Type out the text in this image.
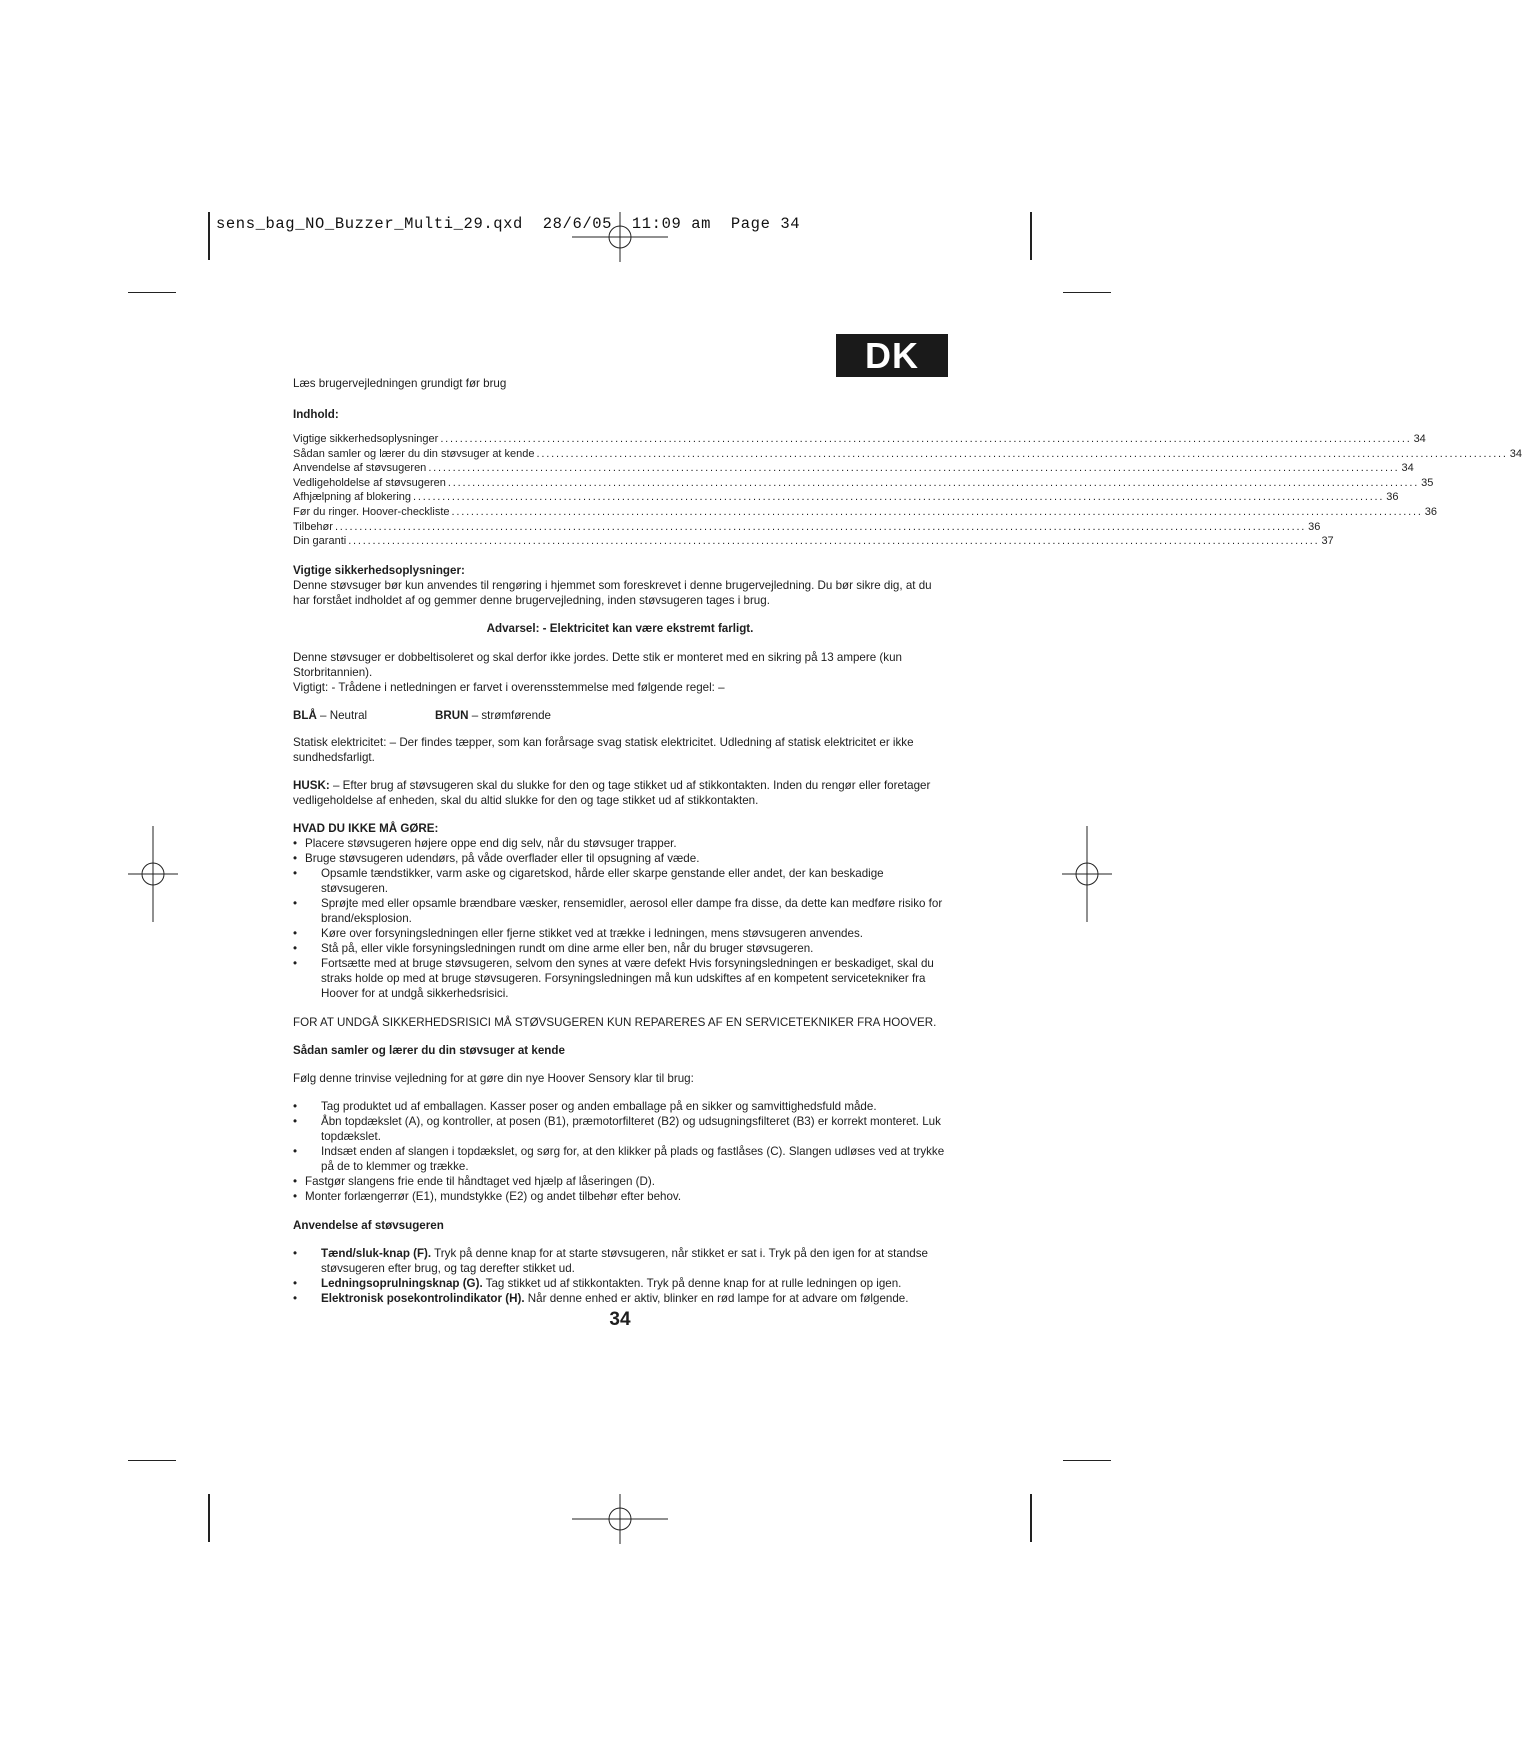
sens_bag_NO_Buzzer_Multi_29.qxd  28/6/05  11:09 am  Page 34
DK

Læs brugervejledningen grundigt før brug

Indhold:

Vigtige sikkerhedsoplysninger ........................................................................................................................................................................................................ 34
Sådan samler og lærer du din støvsuger at kende ........................................................................................................................................................................................................ 34
Anvendelse af støvsugeren ........................................................................................................................................................................................................ 34
Vedligeholdelse af støvsugeren ........................................................................................................................................................................................................ 35
Afhjælpning af blokering ........................................................................................................................................................................................................ 36
Før du ringer. Hoover-checkliste ........................................................................................................................................................................................................ 36
Tilbehør ........................................................................................................................................................................................................ 36
Din garanti ........................................................................................................................................................................................................ 37

Vigtige sikkerhedsoplysninger:

Denne støvsuger bør kun anvendes til rengøring i hjemmet som foreskrevet i denne brugervejledning. Du bør sikre dig, at du har forstået indholdet af og gemmer denne brugervejledning, inden støvsugeren tages i brug.

Advarsel: - Elektricitet kan være ekstremt farligt.

Denne støvsuger er dobbeltisoleret og skal derfor ikke jordes. Dette stik er monteret med en sikring på 13 ampere (kun Storbritannien).

Vigtigt: - Trådene i netledningen er farvet i overensstemmelse med følgende regel: –

BLÅ – Neutral	BRUN – strømførende

Statisk elektricitet: – Der findes tæpper, som kan forårsage svag statisk elektricitet. Udledning af statisk elektricitet er ikke sundhedsfarligt.

HUSK: – Efter brug af støvsugeren skal du slukke for den og tage stikket ud af stikkontakten. Inden du rengør eller foretager vedligeholdelse af enheden, skal du altid slukke for den og tage stikket ud af stikkontakten.

HVAD DU IKKE MÅ GØRE:

• Placere støvsugeren højere oppe end dig selv, når du støvsuger trapper.
• Bruge støvsugeren udendørs, på våde overflader eller til opsugning af væde.
• Opsamle tændstikker, varm aske og cigaretskod, hårde eller skarpe genstande eller andet, der kan beskadige støvsugeren.
• Sprøjte med eller opsamle brændbare væsker, rensemidler, aerosol eller dampe fra disse, da dette kan medføre risiko for brand/eksplosion.
• Køre over forsyningsledningen eller fjerne stikket ved at trække i ledningen, mens støvsugeren anvendes.
• Stå på, eller vikle forsyningsledningen rundt om dine arme eller ben, når du bruger støvsugeren.
• Fortsætte med at bruge støvsugeren, selvom den synes at være defekt Hvis forsyningsledningen er beskadiget, skal du straks holde op med at bruge støvsugeren. Forsyningsledningen må kun udskiftes af en kompetent servicetekniker fra Hoover for at undgå sikkerhedsrisici.

FOR AT UNDGÅ SIKKERHEDSRISICI MÅ STØVSUGEREN KUN REPARERES AF EN SERVICETEKNIKER FRA HOOVER.

Sådan samler og lærer du din støvsuger at kende

Følg denne trinvise vejledning for at gøre din nye Hoover Sensory klar til brug:

• Tag produktet ud af emballagen. Kasser poser og anden emballage på en sikker og samvittighedsfuld måde.
• Åbn topdækslet (A), og kontroller, at posen (B1), præmotorfilteret (B2) og udsugningsfilteret (B3) er korrekt monteret. Luk topdækslet.
• Indsæt enden af slangen i topdækslet, og sørg for, at den klikker på plads og fastlåses (C). Slangen udløses ved at trykke på de to klemmer og trække.
• Fastgør slangens frie ende til håndtaget ved hjælp af låseringen (D).
• Monter forlængerrør (E1), mundstykke (E2) og andet tilbehør efter behov.

Anvendelse af støvsugeren

• Tænd/sluk-knap (F). Tryk på denne knap for at starte støvsugeren, når stikket er sat i. Tryk på den igen for at standse støvsugeren efter brug, og tag derefter stikket ud.
• Ledningsoprulningsknap (G). Tag stikket ud af stikkontakten. Tryk på denne knap for at rulle ledningen op igen.
• Elektronisk posekontrolindikator (H). Når denne enhed er aktiv, blinker en rød lampe for at advare om følgende.
34
